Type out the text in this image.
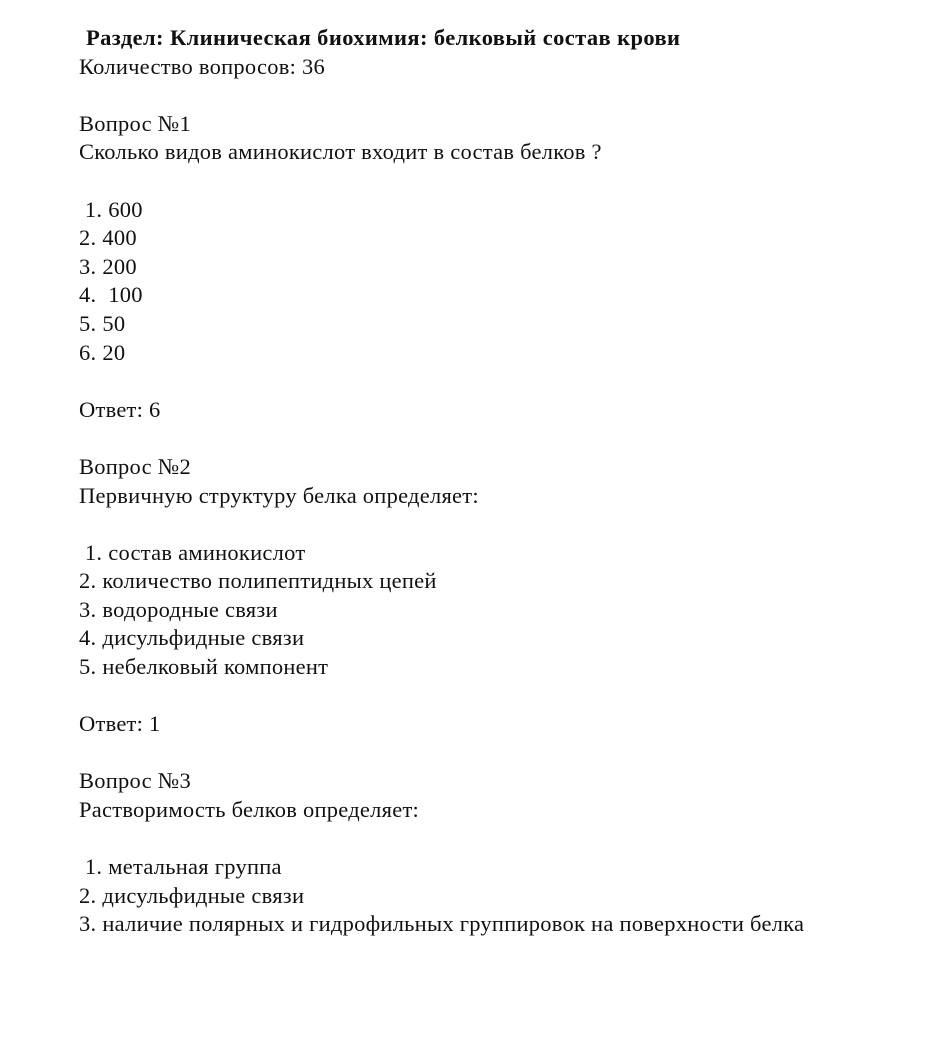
Раздел: Клиническая биохимия: белковый состав крови
Количество вопросов: 36
Вопрос №1
Сколько видов аминокислот входит в состав белков ?
1. 600
2. 400
3. 200
4. 100
5. 50
6. 20
Ответ: 6
Вопрос №2
Первичную структуру белка определяет:
1. состав аминокислот
2. количество полипептидных цепей
3. водородные связи
4. дисульфидные связи
5. небелковый компонент
Ответ: 1
Вопрос №3
Растворимость белков определяет:
1. метальная группа
2. дисульфидные связи
3. наличие полярных и гидрофильных группировок на поверхности белка
